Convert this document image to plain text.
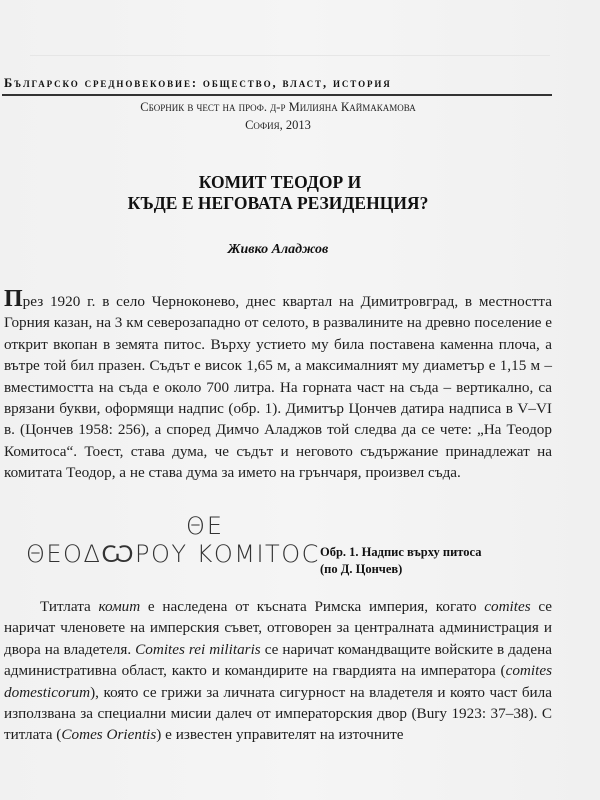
Българско средновековие: общество, власт, история
Сборник в чест на проф. д-р Милияна Каймакамова
София, 2013
КОМИТ ТЕОДОР И
КЪДЕ Е НЕГОВАТА РЕЗИДЕНЦИЯ?
Живко Аладжов
През 1920 г. в село Черноконево, днес квартал на Димитровград, в местността Горния казан, на 3 км северозападно от селото, в развалините на древно поселение е открит вкопан в земята питос. Върху устието му била поставена каменна плоча, а вътре той бил празен. Съдът е висок 1,65 м, а максималният му диаметър е 1,15 м – вместимостта на съда е около 700 литра. На горната част на съда – вертикално, са врязани букви, оформящи надпис (обр. 1). Димитър Цончев датира надписа в V–VI в. (Цончев 1958: 256), а според Димчо Аладжов той следва да се чете: „На Теодор Комитоса“. Тоест, става дума, че съдът и неговото съдържание принадлежат на комитата Теодор, а не става дума за името на грънчаря, произвел съда.
ΘΕ
ΘΕΟΔѠΡΟΥ ΚΟΜΙΤΟϹ Обр. 1. Надпис върху питоса
(по Д. Цончев)
Титлата комит е наследена от късната Римска империя, когато comites се наричат членовете на имперския съвет, отговорен за централната администрация и двора на владетеля. Comites rei militaris се наричат командващите войските в дадена административна област, както и командирите на гвардията на императора (comites domesticorum), която се грижи за личната сигурност на владетеля и която част била използвана за специални мисии далеч от императорския двор (Bury 1923: 37–38). С титлата (Comes Orientis) е известен управителят на източните
